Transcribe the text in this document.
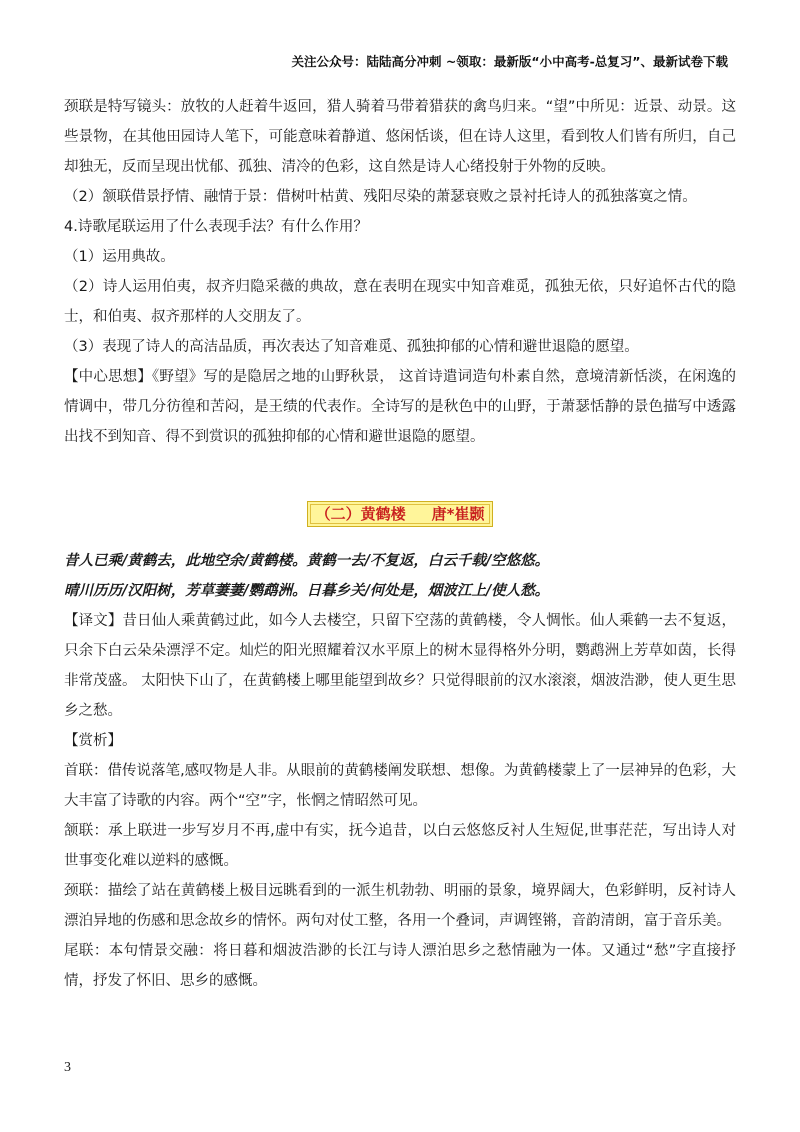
关注公众号：陆陆高分冲刺 ~领取：最新版“小中高考-总复习”、最新试卷下载

颈联是特写镜头：放牧的人赶着牛返回，猎人骑着马带着猎获的禽鸟归来。“望”中所见：近景、动景。这些景物，在其他田园诗人笔下，可能意味着静道、悠闲恬谈，但在诗人这里，看到牧人们皆有所归，自己却独无，反而呈现出忧郁、孤独、清冷的色彩，这自然是诗人心绪投射于外物的反映。

（2）颔联借景抒情、融情于景：借树叶枯黄、残阳尽染的萧瑟衰败之景衬托诗人的孤独落寞之情。

4.诗歌尾联运用了什么表现手法？有什么作用？

（1）运用典故。

（2）诗人运用伯夷，叔齐归隐采薇的典故，意在表明在现实中知音难觅，孤独无依，只好追怀古代的隐士，和伯夷、叔齐那样的人交朋友了。

（3）表现了诗人的高洁品质，再次表达了知音难觅、孤独抑郁的心情和避世退隐的愿望。

【中心思想】《野望》写的是隐居之地的山野秋景， 这首诗遣词造句朴素自然，意境清新恬淡，在闲逸的情调中，带几分彷徨和苦闷，是王绩的代表作。全诗写的是秋色中的山野，于萧瑟恬静的景色描写中透露出找不到知音、得不到赏识的孤独抑郁的心情和避世退隐的愿望。

（二）黄鹤楼 唐*崔颢

昔人已乘/黄鹤去，此地空余/黄鹤楼。黄鹤一去/不复返，白云千载/空悠悠。

晴川历历/汉阳树，芳草萋萋/鹦鹉洲。日暮乡关/何处是，烟波江上/使人愁。

【译文】昔日仙人乘黄鹤过此，如今人去楼空，只留下空荡的黄鹤楼，令人惆怅。仙人乘鹤一去不复返，只余下白云朵朵漂浮不定。灿烂的阳光照耀着汉水平原上的树木显得格外分明，鹦鹉洲上芳草如茵，长得非常茂盛。 太阳快下山了，在黄鹤楼上哪里能望到故乡？只觉得眼前的汉水滚滚，烟波浩渺，使人更生思乡之愁。

【赏析】

首联：借传说落笔,感叹物是人非。从眼前的黄鹤楼阐发联想、想像。为黄鹤楼蒙上了一层神异的色彩，大大丰富了诗歌的内容。两个“空”字，怅惘之情昭然可见。

颔联：承上联进一步写岁月不再,虚中有实，抚今追昔，以白云悠悠反衬人生短促,世事茫茫，写出诗人对世事变化难以逆料的感慨。

颈联：描绘了站在黄鹤楼上极目远眺看到的一派生机勃勃、明丽的景象，境界阔大，色彩鲜明，反衬诗人漂泊异地的伤感和思念故乡的情怀。两句对仗工整，各用一个叠词，声调铿锵，音韵清朗，富于音乐美。

尾联：本句情景交融：将日暮和烟波浩渺的长江与诗人漂泊思乡之愁情融为一体。又通过“愁”字直接抒情，抒发了怀旧、思乡的感慨。

3
